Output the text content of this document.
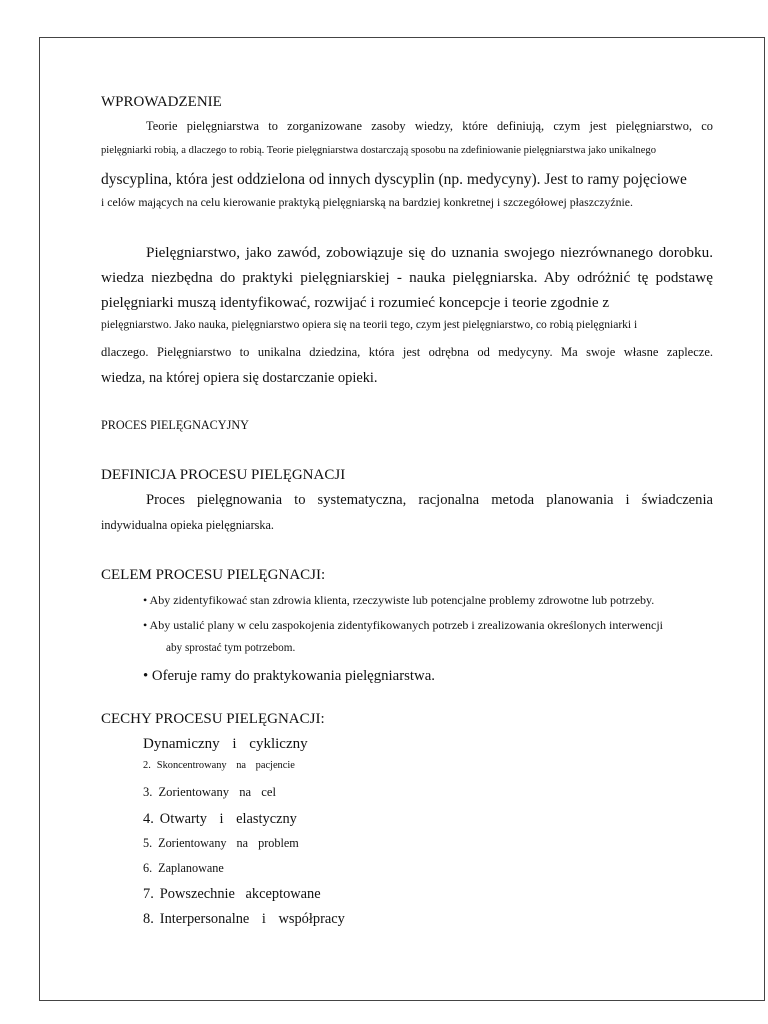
WPROWADZENIE
Teorie pielęgniarstwa to zorganizowane zasoby wiedzy, które definiują, czym jest pielęgniarstwo, co
pielęgniarki robią, a dlaczego to robią. Teorie pielęgniarstwa dostarczają sposobu na zdefiniowanie pielęgniarstwa jako unikalnego
dyscyplina, która jest oddzielona od innych dyscyplin (np. medycyny). Jest to ramy pojęciowe
i celów mających na celu kierowanie praktyką pielęgniarską na bardziej konkretnej i szczegółowej płaszczyźnie.
Pielęgniarstwo, jako zawód, zobowiązuje się do uznania swojego niezrównanego dorobku.
wiedza niezbędna do praktyki pielęgniarskiej - nauka pielęgniarska. Aby odróżnić tę podstawę
pielęgniarki muszą identyfikować, rozwijać i rozumieć koncepcje i teorie zgodnie z
pielęgniarstwo. Jako nauka, pielęgniarstwo opiera się na teorii tego, czym jest pielęgniarstwo, co robią pielęgniarki i
dlaczego. Pielęgniarstwo to unikalna dziedzina, która jest odrębna od medycyny. Ma swoje własne zaplecze.
wiedza, na której opiera się dostarczanie opieki.
PROCES PIELĘGNACYJNY
DEFINICJA PROCESU PIELĘGNACJI
Proces pielęgnowania to systematyczna, racjonalna metoda planowania i świadczenia
indywidualna opieka pielęgniarska.
CELEM PROCESU PIELĘGNACJI:
• Aby zidentyfikować stan zdrowia klienta, rzeczywiste lub potencjalne problemy zdrowotne lub potrzeby.
• Aby ustalić plany w celu zaspokojenia zidentyfikowanych potrzeb i zrealizowania określonych interwencji
aby sprostać tym potrzebom.
• Oferuje ramy do praktykowania pielęgniarstwa.
CECHY PROCESU PIELĘGNACJI:
Dynamiczny i cykliczny
2. Skoncentrowany na pacjencie
3. Zorientowany na cel
4. Otwarty i elastyczny
5. Zorientowany na problem
6. Zaplanowane
7. Powszechnie akceptowane
8. Interpersonalne i współpracy
